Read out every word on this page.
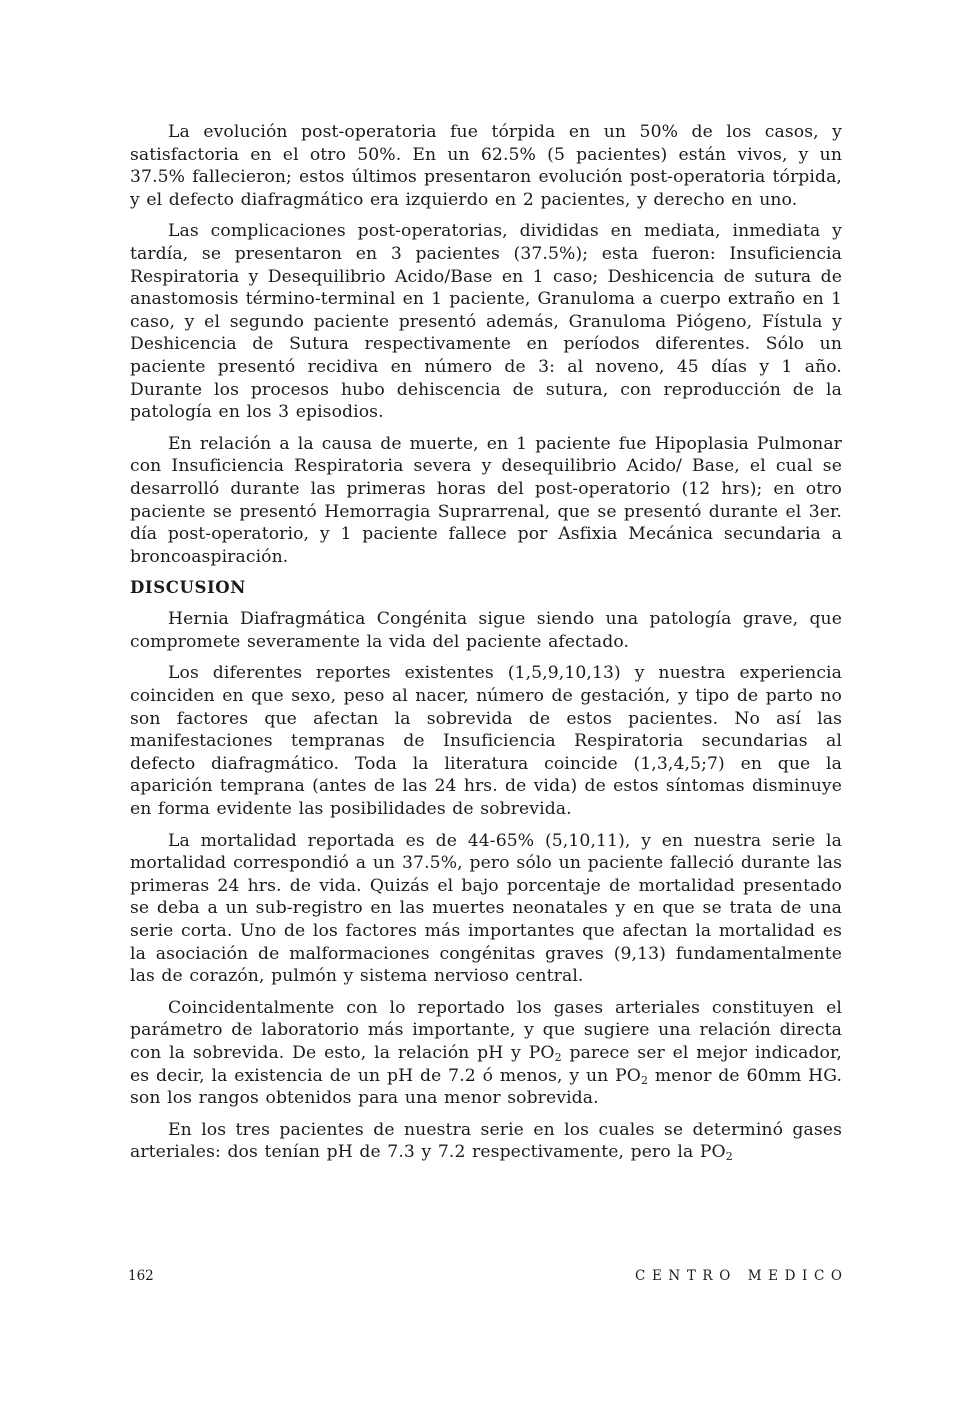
La evolución post-operatoria fue tórpida en un 50% de los casos, y satisfactoria en el otro 50%. En un 62.5% (5 pacientes) están vivos, y un 37.5% fallecieron; estos últimos presentaron evolución post-operatoria tórpida, y el defecto diafragmático era izquierdo en 2 pacientes, y derecho en uno.

Las complicaciones post-operatorias, divididas en mediata, inmediata y tardía, se presentaron en 3 pacientes (37.5%); esta fueron: Insuficiencia Respiratoria y Desequilibrio Acido/Base en 1 caso; Deshicencia de sutura de anastomosis término-terminal en 1 paciente, Granuloma a cuerpo extraño en 1 caso, y el segundo paciente presentó además, Granuloma Piógeno, Fístula y Deshicencia de Sutura respectivamente en períodos diferentes. Sólo un paciente presentó recidiva en número de 3: al noveno, 45 días y 1 año. Durante los procesos hubo dehiscencia de sutura, con reproducción de la patología en los 3 episodios.

En relación a la causa de muerte, en 1 paciente fue Hipoplasia Pulmonar con Insuficiencia Respiratoria severa y desequilibrio Acido/ Base, el cual se desarrolló durante las primeras horas del post-operatorio (12 hrs); en otro paciente se presentó Hemorragia Suprarrenal, que se presentó durante el 3er. día post-operatorio, y 1 paciente fallece por Asfixia Mecánica secundaria a broncoaspiración.

DISCUSION

Hernia Diafragmática Congénita sigue siendo una patología grave, que compromete severamente la vida del paciente afectado.

Los diferentes reportes existentes (1,5,9,10,13) y nuestra experiencia coinciden en que sexo, peso al nacer, número de gestación, y tipo de parto no son factores que afectan la sobrevida de estos pacientes. No así las manifestaciones tempranas de Insuficiencia Respiratoria secundarias al defecto diafragmático. Toda la literatura coincide (1,3,4,5;7) en que la aparición temprana (antes de las 24 hrs. de vida) de estos síntomas disminuye en forma evidente las posibilidades de sobrevida.

La mortalidad reportada es de 44-65% (5,10,11), y en nuestra serie la mortalidad correspondió a un 37.5%, pero sólo un paciente falleció durante las primeras 24 hrs. de vida. Quizás el bajo porcentaje de mortalidad presentado se deba a un sub-registro en las muertes neonatales y en que se trata de una serie corta. Uno de los factores más importantes que afectan la mortalidad es la asociación de malformaciones congénitas graves (9,13) fundamentalmente las de corazón, pulmón y sistema nervioso central.

Coincidentalmente con lo reportado los gases arteriales constituyen el parámetro de laboratorio más importante, y que sugiere una relación directa con la sobrevida. De esto, la relación pH y $PO_2$ parece ser el mejor indicador, es decir, la existencia de un pH de 7.2 ó menos, y un $PO_2$ menor de 60mm HG. son los rangos obtenidos para una menor sobrevida.

En los tres pacientes de nuestra serie en los cuales se determinó gases arteriales: dos tenían pH de 7.3 y 7.2 respectivamente, pero la $PO_2$

162	CENTRO MEDICO
